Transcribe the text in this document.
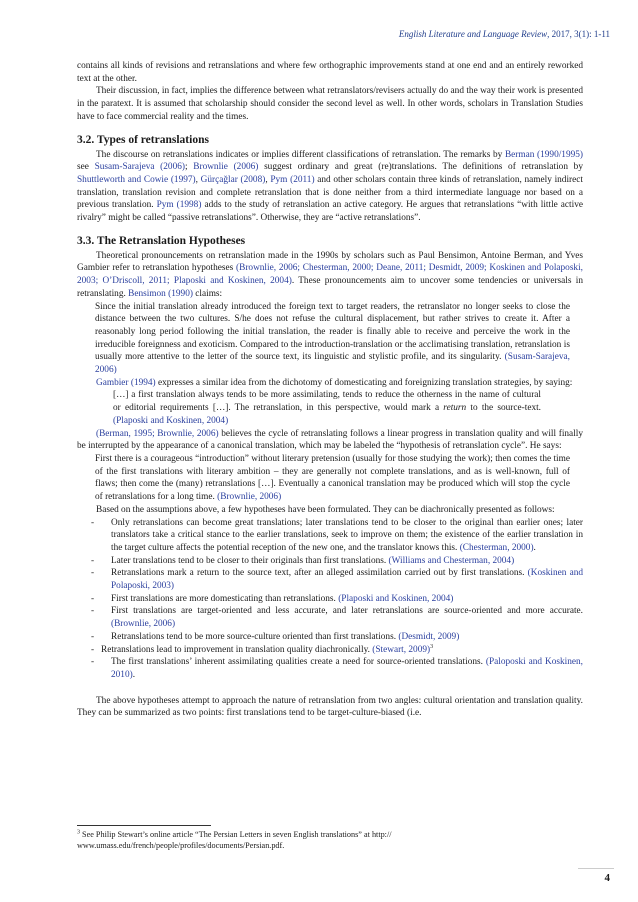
English Literature and Language Review, 2017, 3(1): 1-11

contains all kinds of revisions and retranslations and where few orthographic improvements stand at one end and an entirely reworked text at the other.

Their discussion, in fact, implies the difference between what retranslators/revisers actually do and the way their work is presented in the paratext. It is assumed that scholarship should consider the second level as well. In other words, scholars in Translation Studies have to face commercial reality and the times.

3.2. Types of retranslations

The discourse on retranslations indicates or implies different classifications of retranslation. The remarks by Berman (1990/1995) see Susam-Sarajeva (2006); Brownlie (2006) suggest ordinary and great (re)translations. The definitions of retranslation by Shuttleworth and Cowie (1997), Gürçağlar (2008), Pym (2011) and other scholars contain three kinds of retranslation, namely indirect translation, translation revision and complete retranslation that is done neither from a third intermediate language nor based on a previous translation. Pym (1998) adds to the study of retranslation an active category. He argues that retranslations “with little active rivalry” might be called “passive retranslations”. Otherwise, they are “active retranslations”.

3.3. The Retranslation Hypotheses

Theoretical pronouncements on retranslation made in the 1990s by scholars such as Paul Bensimon, Antoine Berman, and Yves Gambier refer to retranslation hypotheses (Brownlie, 2006; Chesterman, 2000; Deane, 2011; Desmidt, 2009; Koskinen and Polaposki, 2003; O’Driscoll, 2011; Plaposki and Koskinen, 2004). These pronouncements aim to uncover some tendencies or universals in retranslating. Bensimon (1990) claims:

Since the initial translation already introduced the foreign text to target readers, the retranslator no longer seeks to close the distance between the two cultures. S/he does not refuse the cultural displacement, but rather strives to create it. After a reasonably long period following the initial translation, the reader is finally able to receive and perceive the work in the irreducible foreignness and exoticism. Compared to the introduction-translation or the acclimatising translation, retranslation is usually more attentive to the letter of the source text, its linguistic and stylistic profile, and its singularity. (Susam-Sarajeva, 2006)

Gambier (1994) expresses a similar idea from the dichotomy of domesticating and foreignizing translation strategies, by saying:

[…] a first translation always tends to be more assimilating, tends to reduce the otherness in the name of cultural or editorial requirements […]. The retranslation, in this perspective, would mark a return to the source-text. (Plaposki and Koskinen, 2004)

(Berman, 1995; Brownlie, 2006) believes the cycle of retranslating follows a linear progress in translation quality and will finally be interrupted by the appearance of a canonical translation, which may be labeled the “hypothesis of retranslation cycle”. He says:

First there is a courageous “introduction” without literary pretension (usually for those studying the work); then comes the time of the first translations with literary ambition – they are generally not complete translations, and as is well-known, full of flaws; then come the (many) retranslations […]. Eventually a canonical translation may be produced which will stop the cycle of retranslations for a long time. (Brownlie, 2006)

Based on the assumptions above, a few hypotheses have been formulated. They can be diachronically presented as follows:

- Only retranslations can become great translations; later translations tend to be closer to the original than earlier ones; later translators take a critical stance to the earlier translations, seek to improve on them; the existence of the earlier translation in the target culture affects the potential reception of the new one, and the translator knows this. (Chesterman, 2000).
- Later translations tend to be closer to their originals than first translations. (Williams and Chesterman, 2004)
- Retranslations mark a return to the source text, after an alleged assimilation carried out by first translations. (Koskinen and Polaposki, 2003)
- First translations are more domesticating than retranslations. (Plaposki and Koskinen, 2004)
- First translations are target-oriented and less accurate, and later retranslations are source-oriented and more accurate. (Brownlie, 2006)
- Retranslations tend to be more source-culture oriented than first translations. (Desmidt, 2009)
- Retranslations lead to improvement in translation quality diachronically. (Stewart, 2009)$^3$
- The first translations’ inherent assimilating qualities create a need for source-oriented translations. (Paloposki and Koskinen, 2010).

The above hypotheses attempt to approach the nature of retranslation from two angles: cultural orientation and translation quality. They can be summarized as two points: first translations tend to be target-culture-biased (i.e.

$^3$ See Philip Stewart’s online article “The Persian Letters in seven English translations” at http:// www.umass.edu/french/people/profiles/documents/Persian.pdf.
4
